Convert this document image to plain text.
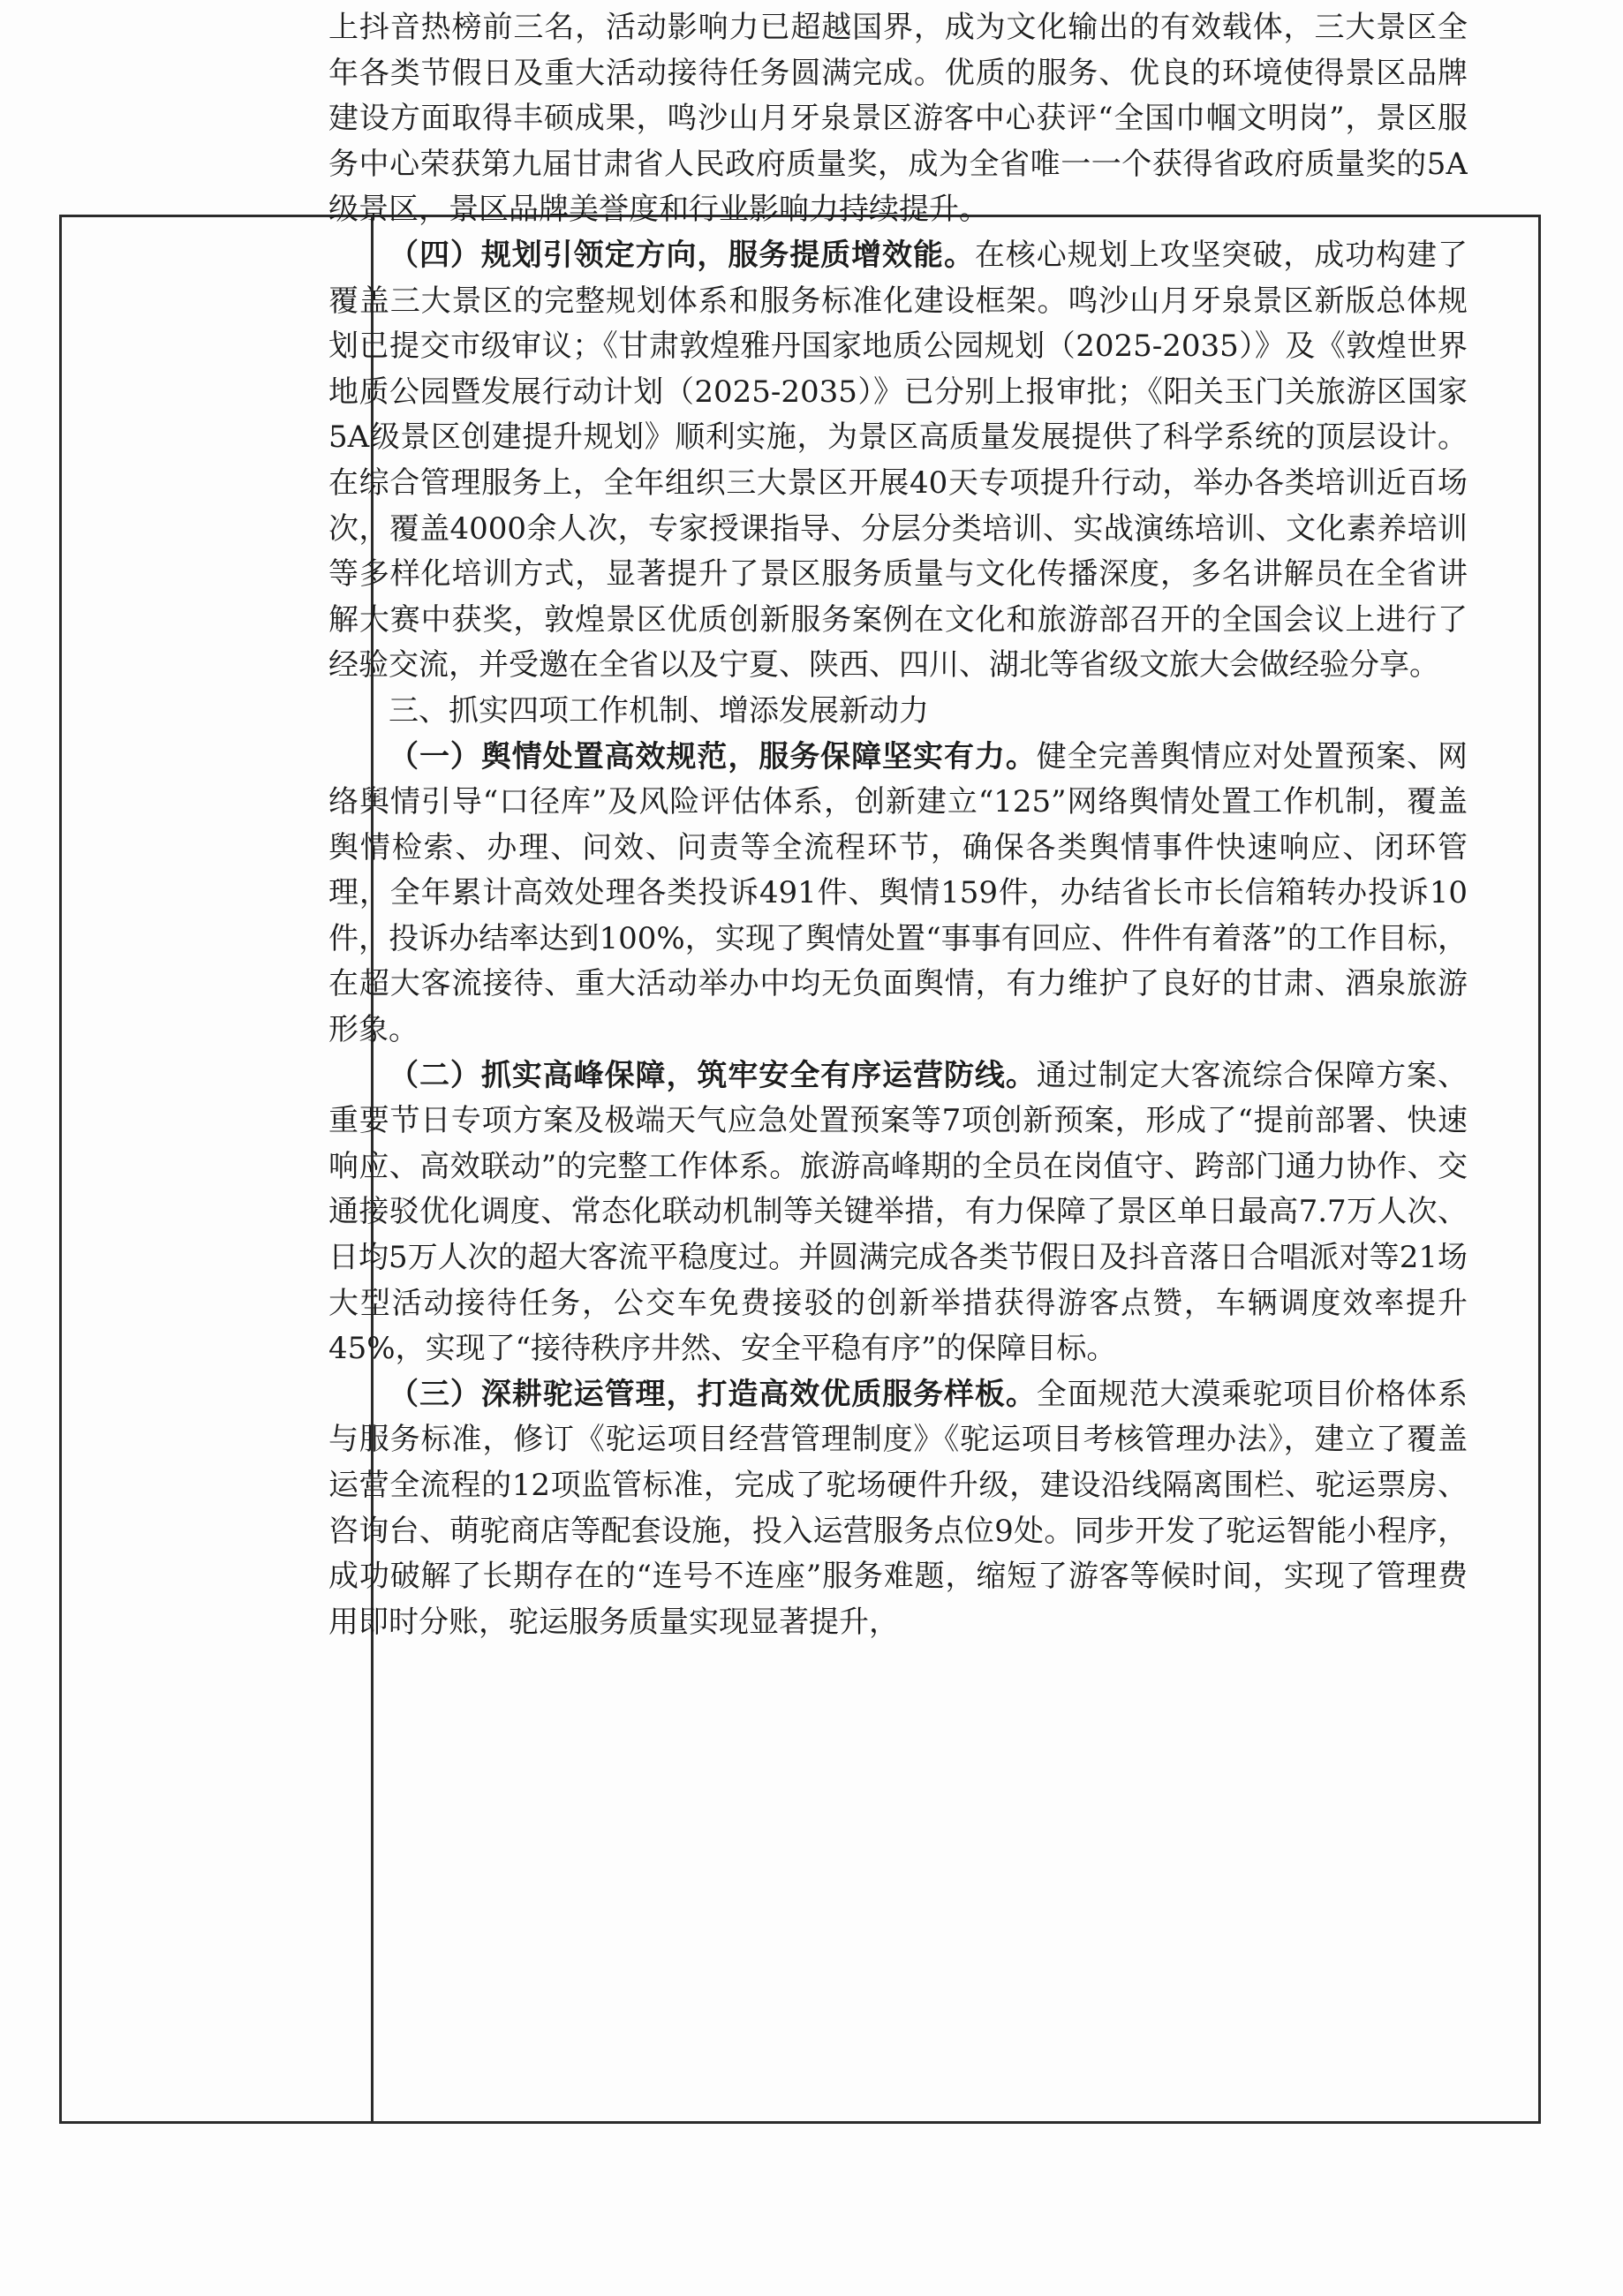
上抖音热榜前三名，活动影响力已超越国界，成为文化输出的有效载体，三大景区全年各类节假日及重大活动接待任务圆满完成。优质的服务、优良的环境使得景区品牌建设方面取得丰硕成果，鸣沙山月牙泉景区游客中心获评“全国巾帼文明岗”，景区服务中心荣获第九届甘肃省人民政府质量奖，成为全省唯一一个获得省政府质量奖的5A级景区，景区品牌美誉度和行业影响力持续提升。

（四）规划引领定方向，服务提质增效能。在核心规划上攻坚突破，成功构建了覆盖三大景区的完整规划体系和服务标准化建设框架。鸣沙山月牙泉景区新版总体规划已提交市级审议；《甘肃敦煌雅丹国家地质公园规划（2025-2035）》及《敦煌世界地质公园暨发展行动计划（2025-2035）》已分别上报审批；《阳关玉门关旅游区国家5A级景区创建提升规划》顺利实施，为景区高质量发展提供了科学系统的顶层设计。在综合管理服务上，全年组织三大景区开展40天专项提升行动，举办各类培训近百场次，覆盖4000余人次，专家授课指导、分层分类培训、实战演练培训、文化素养培训等多样化培训方式，显著提升了景区服务质量与文化传播深度，多名讲解员在全省讲解大赛中获奖，敦煌景区优质创新服务案例在文化和旅游部召开的全国会议上进行了经验交流，并受邀在全省以及宁夏、陕西、四川、湖北等省级文旅大会做经验分享。

三、抓实四项工作机制、增添发展新动力

（一）舆情处置高效规范，服务保障坚实有力。健全完善舆情应对处置预案、网络舆情引导“口径库”及风险评估体系，创新建立“125”网络舆情处置工作机制，覆盖舆情检索、办理、问效、问责等全流程环节，确保各类舆情事件快速响应、闭环管理，全年累计高效处理各类投诉491件、舆情159件，办结省长市长信箱转办投诉10件，投诉办结率达到100%，实现了舆情处置“事事有回应、件件有着落”的工作目标，在超大客流接待、重大活动举办中均无负面舆情，有力维护了良好的甘肃、酒泉旅游形象。

（二）抓实高峰保障，筑牢安全有序运营防线。通过制定大客流综合保障方案、重要节日专项方案及极端天气应急处置预案等7项创新预案，形成了“提前部署、快速响应、高效联动”的完整工作体系。旅游高峰期的全员在岗值守、跨部门通力协作、交通接驳优化调度、常态化联动机制等关键举措，有力保障了景区单日最高7.7万人次、日均5万人次的超大客流平稳度过。并圆满完成各类节假日及抖音落日合唱派对等21场大型活动接待任务，公交车免费接驳的创新举措获得游客点赞，车辆调度效率提升45%，实现了“接待秩序井然、安全平稳有序”的保障目标。

（三）深耕驼运管理，打造高效优质服务样板。全面规范大漠乘驼项目价格体系与服务标准，修订《驼运项目经营管理制度》《驼运项目考核管理办法》，建立了覆盖运营全流程的12项监管标准，完成了驼场硬件升级，建设沿线隔离围栏、驼运票房、咨询台、萌驼商店等配套设施，投入运营服务点位9处。同步开发了驼运智能小程序，成功破解了长期存在的“连号不连座”服务难题，缩短了游客等候时间，实现了管理费用即时分账，驼运服务质量实现显著提升，
